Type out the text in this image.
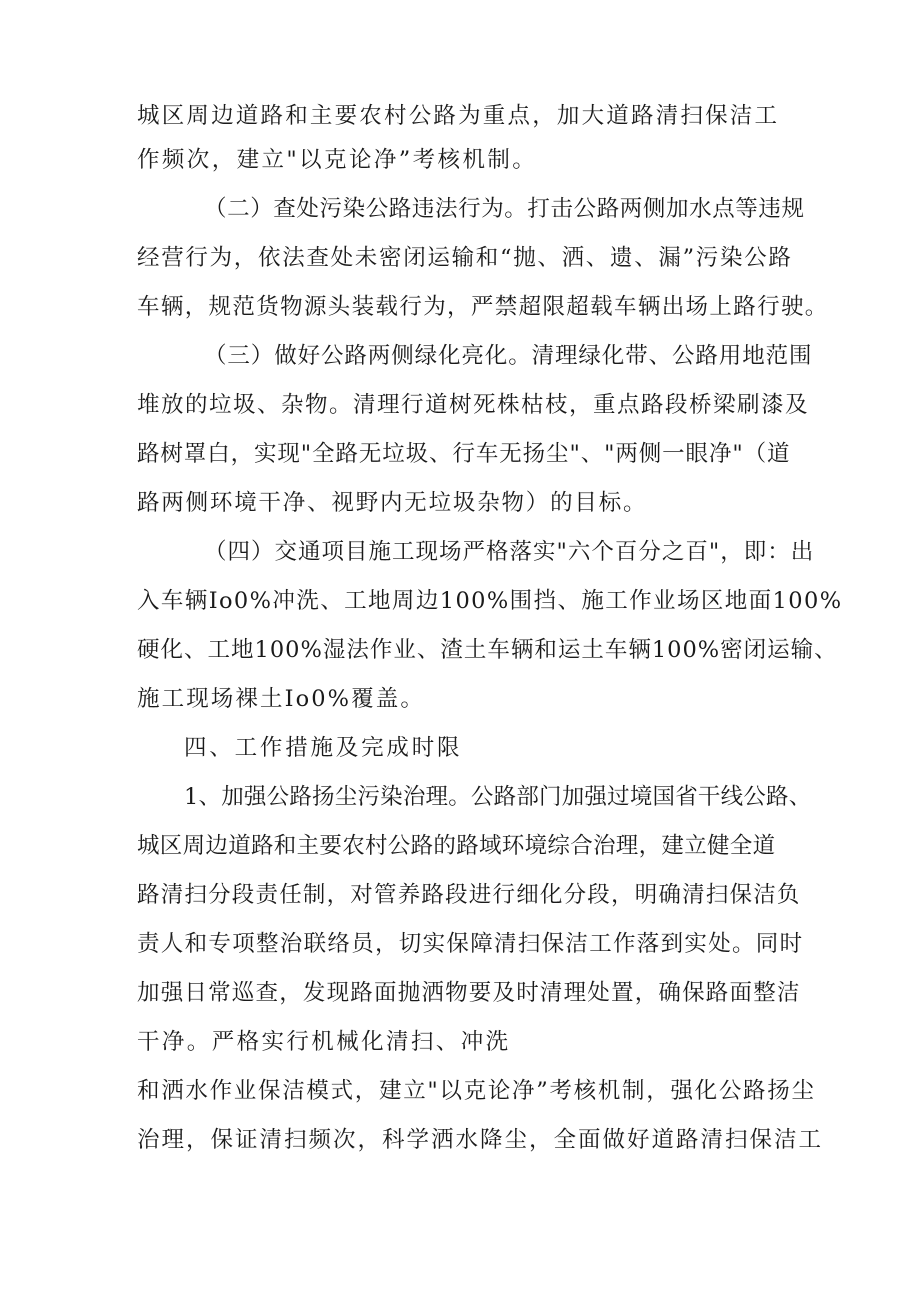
城区周边道路和主要农村公路为重点，加大道路清扫保洁工
作频次，建立"以克论净”考核机制。
（二）查处污染公路违法行为。打击公路两侧加水点等违规
经营行为，依法查处未密闭运输和“抛、洒、遗、漏”污染公路
车辆，规范货物源头装载行为，严禁超限超载车辆出场上路行驶。
（三）做好公路两侧绿化亮化。清理绿化带、公路用地范围
堆放的垃圾、杂物。清理行道树死株枯枝，重点路段桥梁刷漆及
路树罩白，实现"全路无垃圾、行车无扬尘"、"两侧一眼净"（道
路两侧环境干净、视野内无垃圾杂物）的目标。
（四）交通项目施工现场严格落实"六个百分之百"，即：出
入车辆Io0%冲洗、工地周边100%围挡、施工作业场区地面100%
硬化、工地100%湿法作业、渣土车辆和运土车辆100%密闭运输、
施工现场裸土Io0%覆盖。
四、工作措施及完成时限
1、加强公路扬尘污染治理。公路部门加强过境国省干线公路、
城区周边道路和主要农村公路的路域环境综合治理，建立健全道
路清扫分段责任制，对管养路段进行细化分段，明确清扫保洁负
责人和专项整治联络员，切实保障清扫保洁工作落到实处。同时
加强日常巡查，发现路面抛洒物要及时清理处置，确保路面整洁
干净。严格实行机械化清扫、冲洗
和洒水作业保洁模式，建立"以克论净”考核机制，强化公路扬尘
治理，保证清扫频次，科学洒水降尘，全面做好道路清扫保洁工
